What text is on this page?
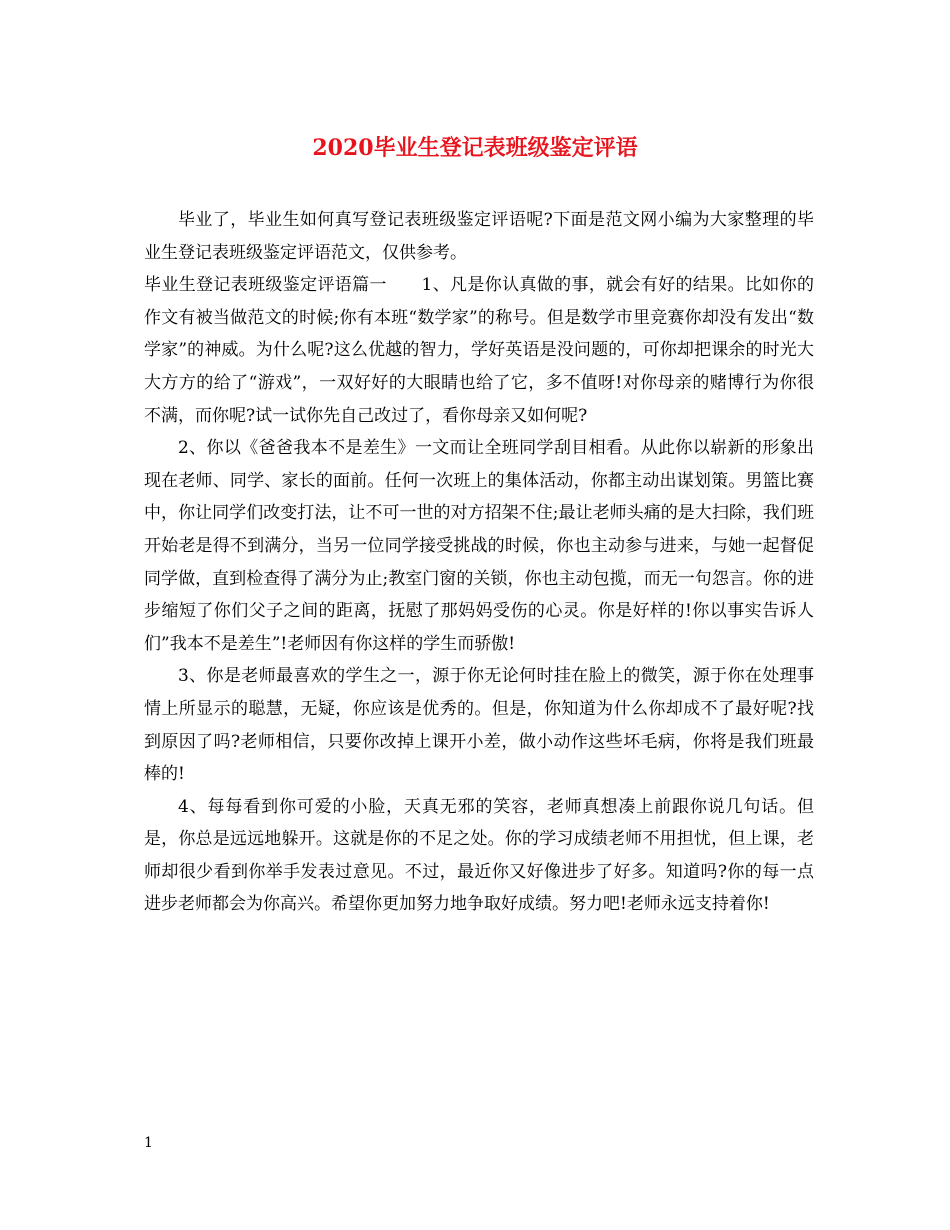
2020毕业生登记表班级鉴定评语

毕业了，毕业生如何真写登记表班级鉴定评语呢?下面是范文网小编为大家整理的毕业生登记表班级鉴定评语范文，仅供参考。

毕业生登记表班级鉴定评语篇一　　1、凡是你认真做的事，就会有好的结果。比如你的作文有被当做范文的时候;你有本班“数学家”的称号。但是数学市里竞赛你却没有发出“数学家”的神威。为什么呢?这么优越的智力，学好英语是没问题的，可你却把课余的时光大大方方的给了“游戏”，一双好好的大眼睛也给了它，多不值呀!对你母亲的赌博行为你很不满，而你呢?试一试你先自己改过了，看你母亲又如何呢?

2、你以《爸爸我本不是差生》一文而让全班同学刮目相看。从此你以崭新的形象出现在老师、同学、家长的面前。任何一次班上的集体活动，你都主动出谋划策。男篮比赛中，你让同学们改变打法，让不可一世的对方招架不住;最让老师头痛的是大扫除，我们班开始老是得不到满分，当另一位同学接受挑战的时候，你也主动参与进来，与她一起督促同学做，直到检查得了满分为止;教室门窗的关锁，你也主动包揽，而无一句怨言。你的进步缩短了你们父子之间的距离，抚慰了那妈妈受伤的心灵。你是好样的!你以事实告诉人们”我本不是差生”!老师因有你这样的学生而骄傲!

3、你是老师最喜欢的学生之一，源于你无论何时挂在脸上的微笑，源于你在处理事情上所显示的聪慧，无疑，你应该是优秀的。但是，你知道为什么你却成不了最好呢?找到原因了吗?老师相信，只要你改掉上课开小差，做小动作这些坏毛病，你将是我们班最棒的!

4、每每看到你可爱的小脸，天真无邪的笑容，老师真想凑上前跟你说几句话。但是，你总是远远地躲开。这就是你的不足之处。你的学习成绩老师不用担忧，但上课，老师却很少看到你举手发表过意见。不过，最近你又好像进步了好多。知道吗?你的每一点进步老师都会为你高兴。希望你更加努力地争取好成绩。努力吧!老师永远支持着你!

1
